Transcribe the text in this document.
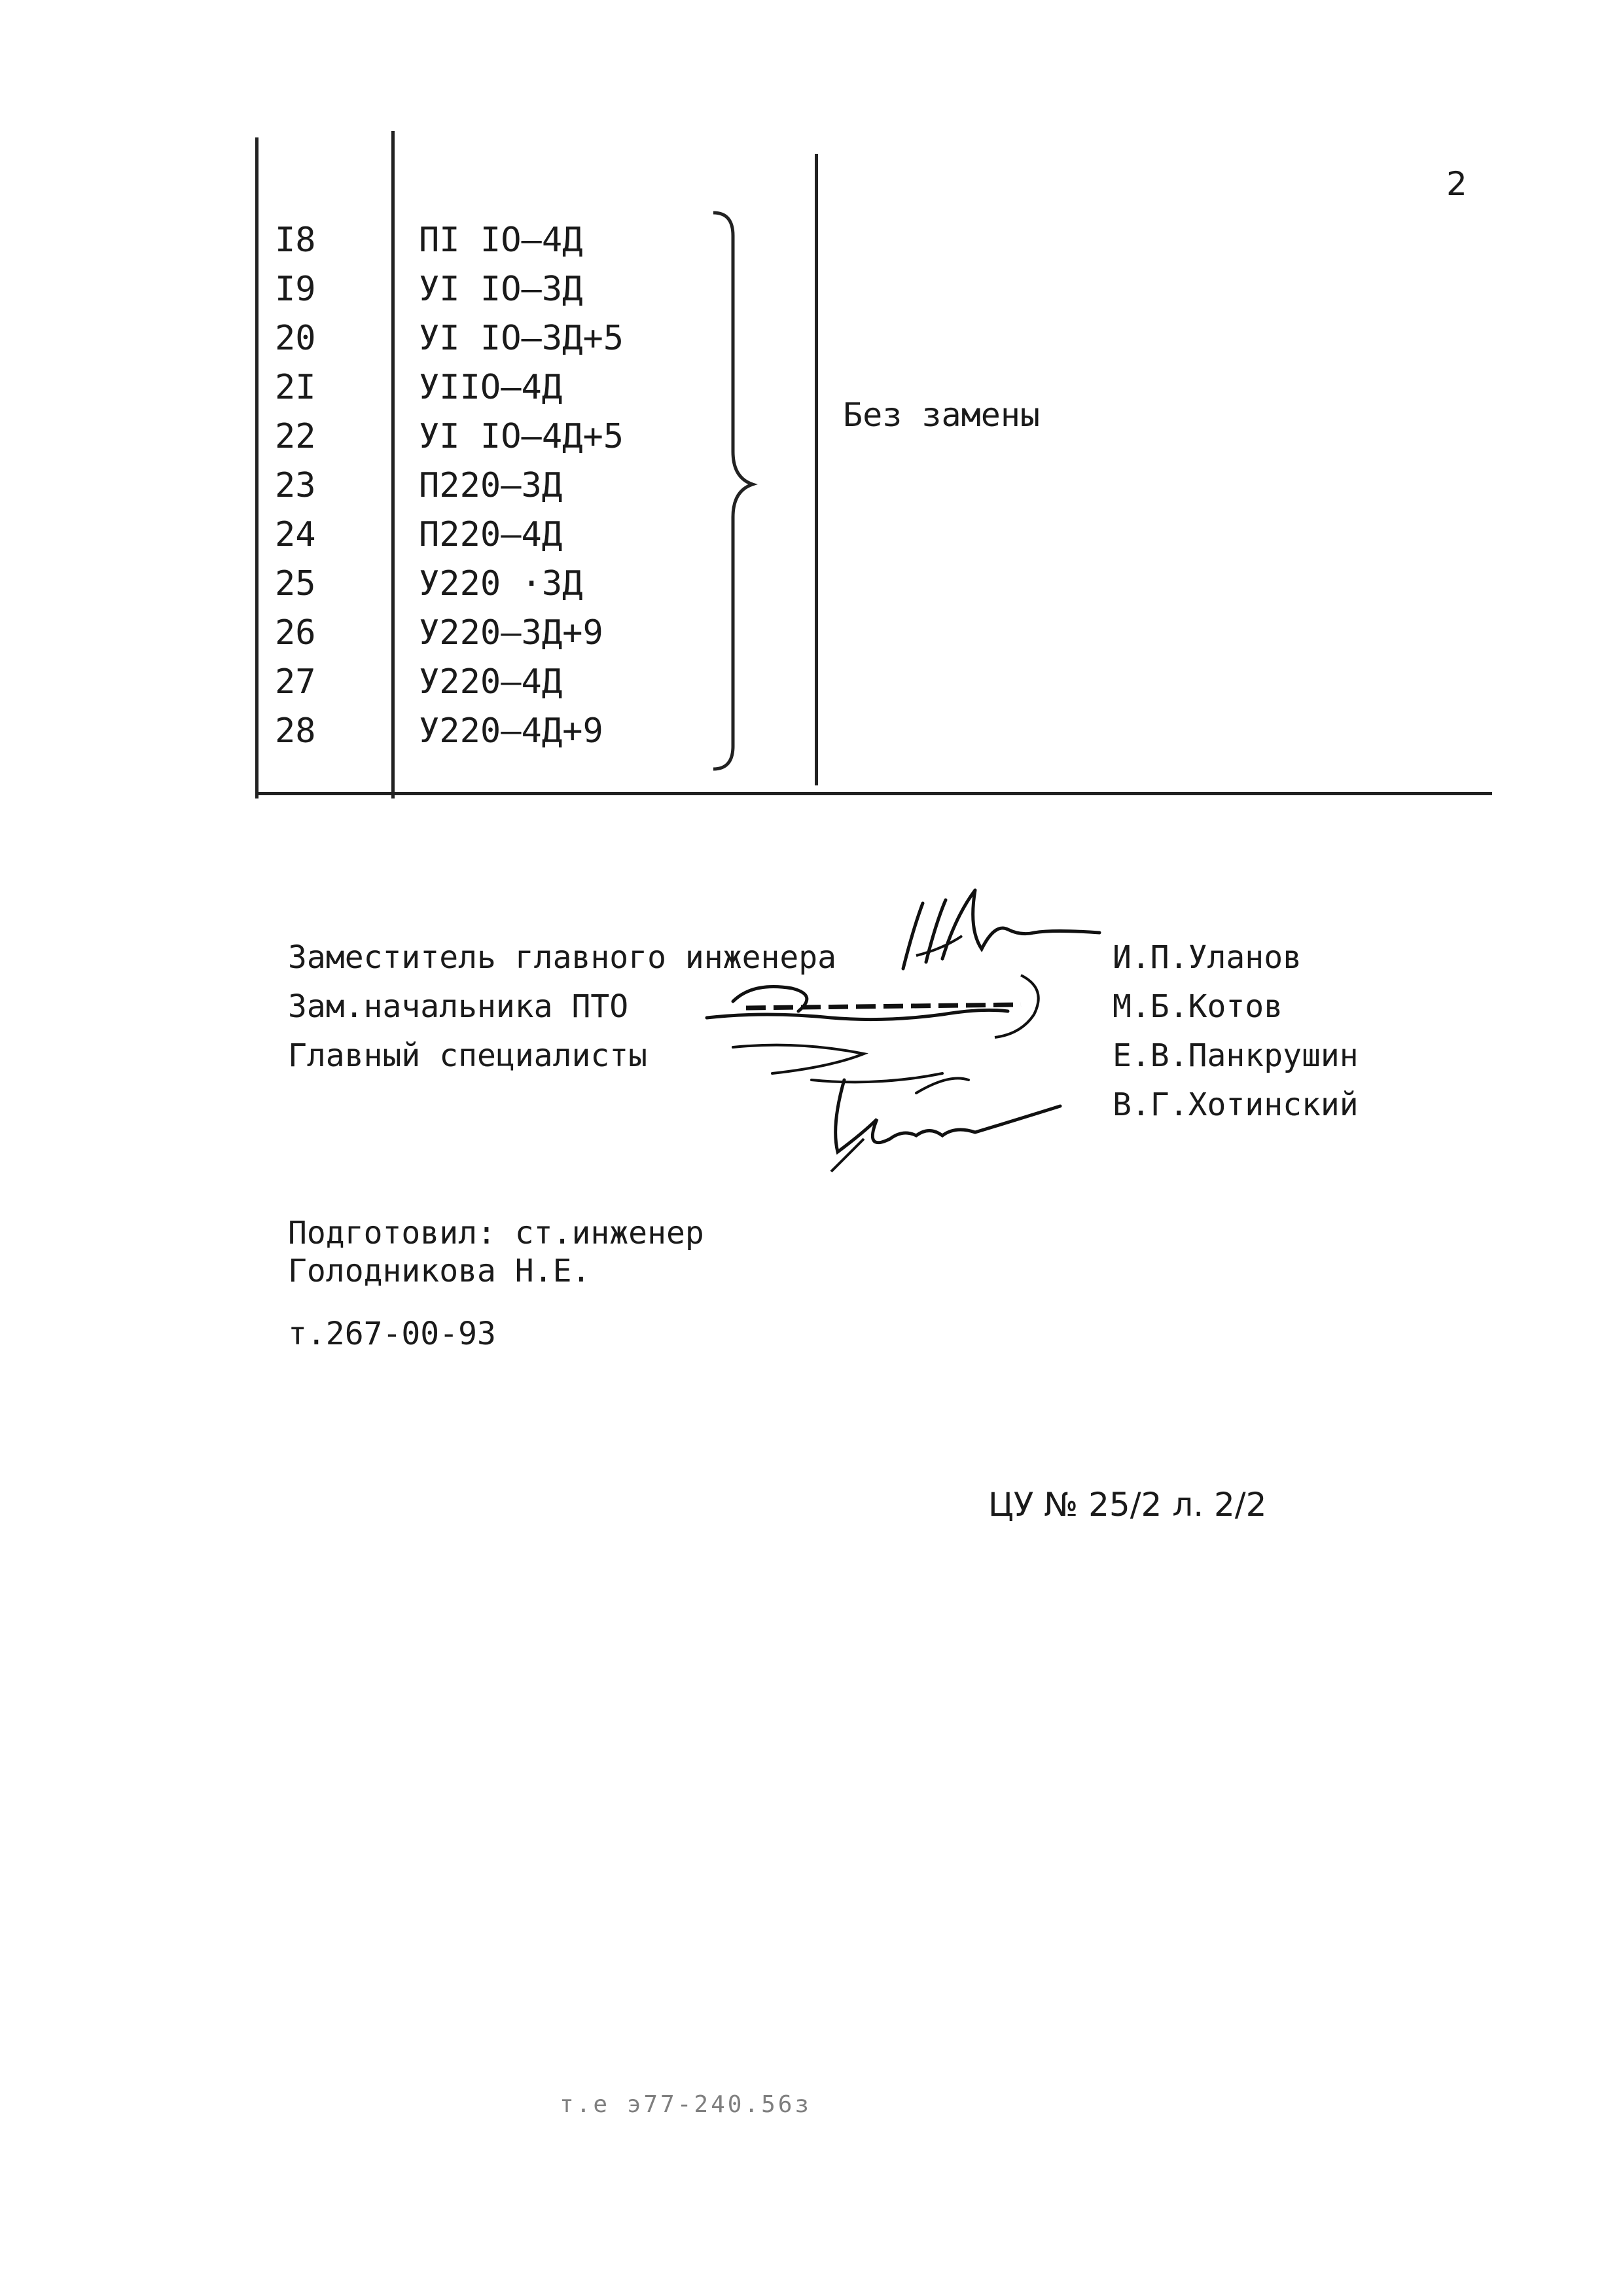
2
I8	ПI IO–4Д
I9	УI IO–3Д
20	УI IO–3Д+5
2I	УIIO–4Д
22	УI IO–4Д+5
23	П220–3Д
24	П220–4Д
25	У220 ·3Д
26	У220–3Д+9
27	У220–4Д
28	У220–4Д+9
Без замены
Заместитель главного инженера	И.П.Уланов
Зам.начальника ПТО	М.Б.Котов
Главный специалисты	Е.В.Панкрушин
В.Г.Хотинский
Подготовил: ст.инженер
Голодникова Н.Е.
т.267-00-93
ЦУ № 25/2 л. 2/2
т.е э77-240.56з
